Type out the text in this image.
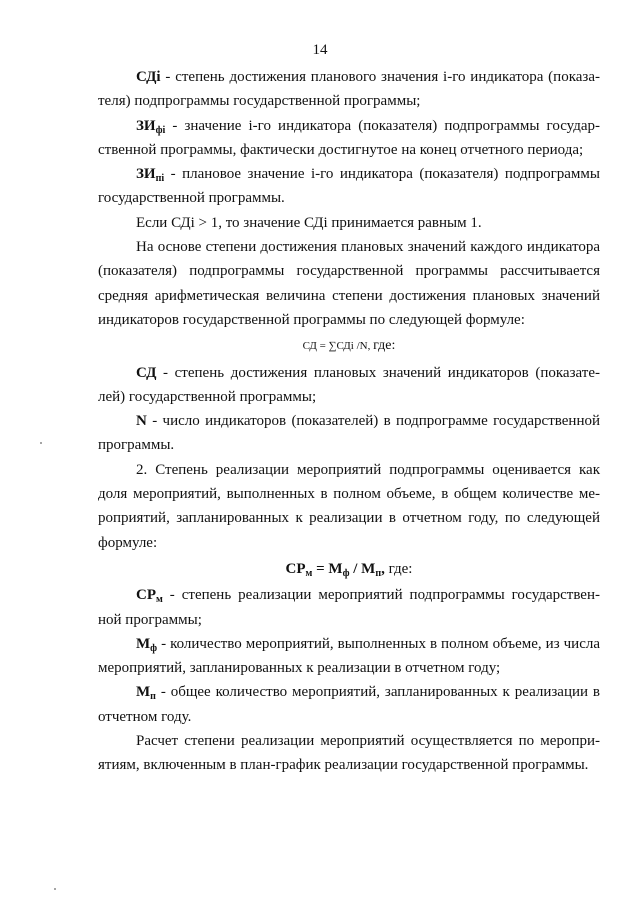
14

СДi - степень достижения планового значения i-го индикатора (показа-теля) подпрограммы государственной программы;

$ЗИ_{фi}$ - значение i-го индикатора (показателя) подпрограммы государ-ственной программы, фактически достигнутое на конец отчетного периода;

$ЗИ_{пi}$ - плановое значение i-го индикатора (показателя) подпрограммы государственной программы.

Если СДi > 1, то значение СДi принимается равным 1.

На основе степени достижения плановых значений каждого индикатора (показателя) подпрограммы государственной программы рассчитывается средняя арифметическая величина степени достижения плановых значений индикаторов государственной программы по следующей формуле:

СД = ∑СДi /N, где:

СД - степень достижения плановых значений индикаторов (показате-лей) государственной программы;

N - число индикаторов (показателей) в подпрограмме государственной программы.

2. Степень реализации мероприятий подпрограммы оценивается как доля мероприятий, выполненных в полном объеме, в общем количестве ме-роприятий, запланированных к реализации в отчетном году, по следующей формуле:

$СР_м = М_ф / М_п$, где:

$СР_м$ - степень реализации мероприятий подпрограммы государствен-ной программы;

$М_ф$ - количество мероприятий, выполненных в полном объеме, из числа мероприятий, запланированных к реализации в отчетном году;

$М_п$ - общее количество мероприятий, запланированных к реализации в отчетном году.

Расчет степени реализации мероприятий осуществляется по меропри-ятиям, включенным в план-график реализации государственной программы.
